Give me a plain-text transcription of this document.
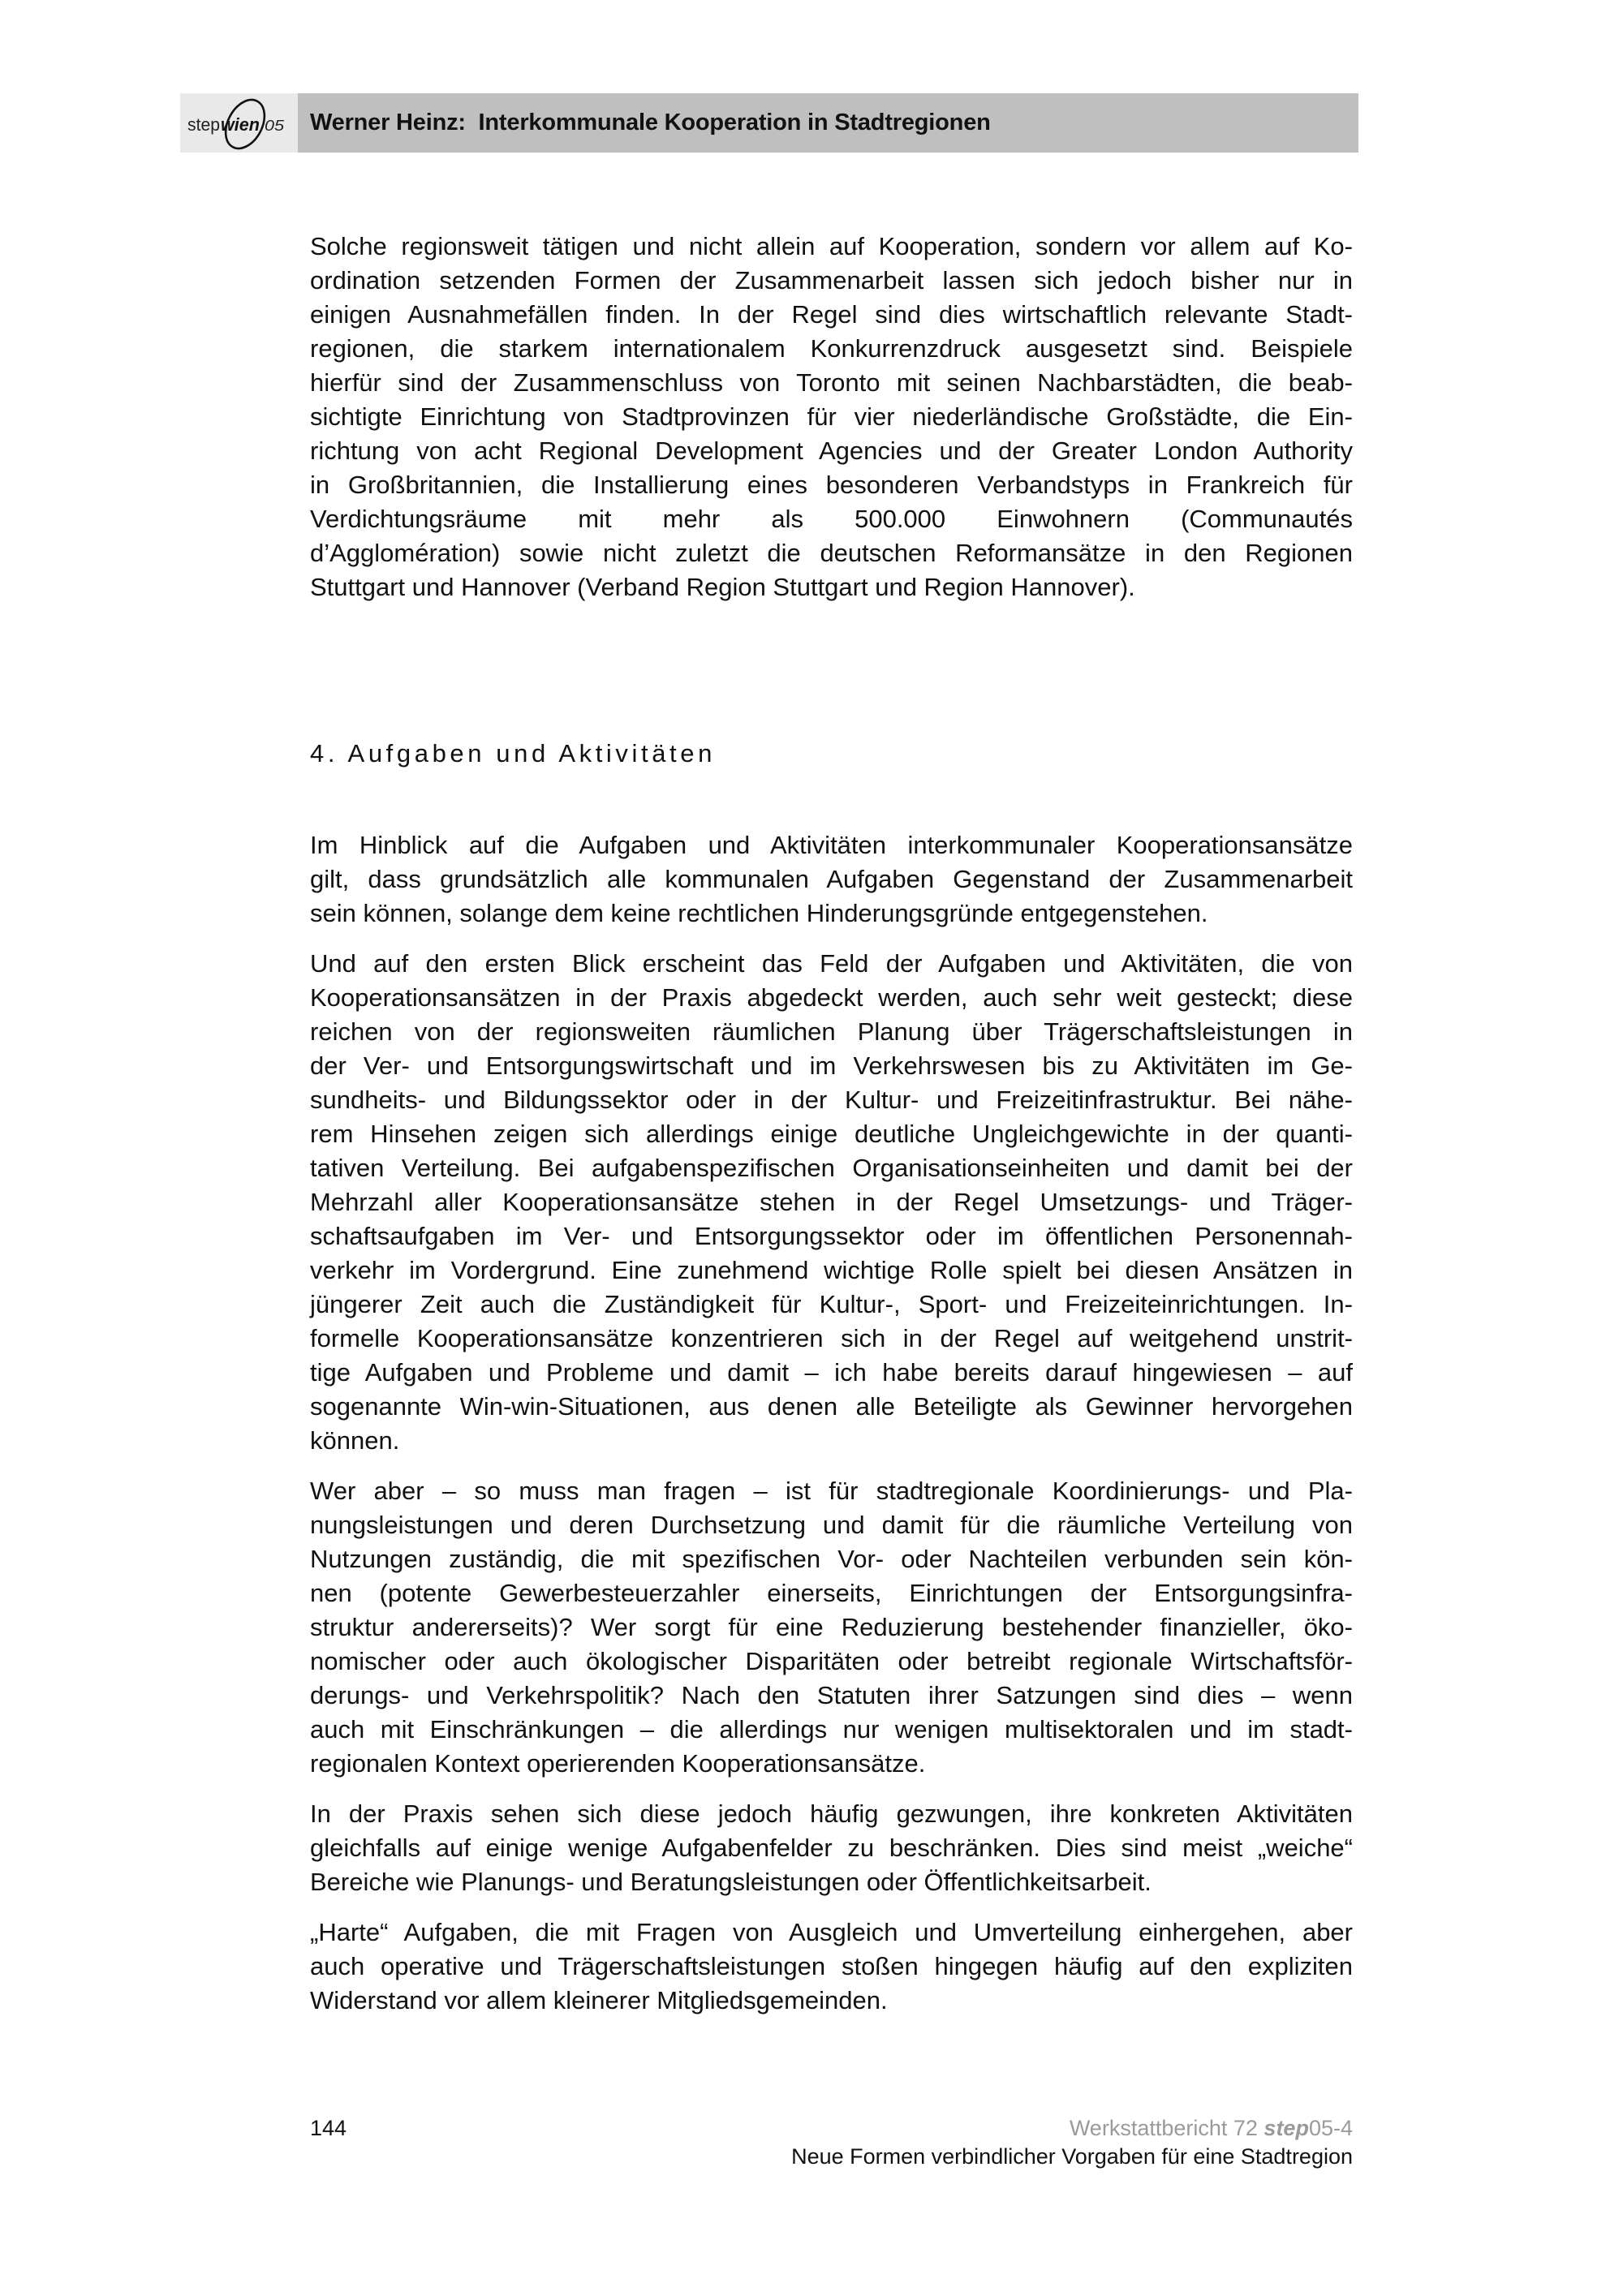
step wien .05 Werner Heinz:  Interkommunale Kooperation in Stadtregionen
Solche regionsweit tätigen und nicht allein auf Kooperation, sondern vor allem auf Ko-
ordination setzenden Formen der Zusammenarbeit lassen sich jedoch bisher nur in
einigen Ausnahmefällen finden. In der Regel sind dies wirtschaftlich relevante Stadt-
regionen, die starkem internationalem Konkurrenzdruck ausgesetzt sind. Beispiele
hierfür sind der Zusammenschluss von Toronto mit seinen Nachbarstädten, die beab-
sichtigte Einrichtung von Stadtprovinzen für vier niederländische Großstädte, die Ein-
richtung von acht Regional Development Agencies und der Greater London Authority
in Großbritannien, die Installierung eines besonderen Verbandstyps in Frankreich für
Verdichtungsräume mit mehr als 500.000 Einwohnern (Communautés
d’Agglomération) sowie nicht zuletzt die deutschen Reformansätze in den Regionen
Stuttgart und Hannover (Verband Region Stuttgart und Region Hannover).
4. Aufgaben und Aktivitäten
Im Hinblick auf die Aufgaben und Aktivitäten interkommunaler Kooperationsansätze
gilt, dass grundsätzlich alle kommunalen Aufgaben Gegenstand der Zusammenarbeit
sein können, solange dem keine rechtlichen Hinderungsgründe entgegenstehen.
Und auf den ersten Blick erscheint das Feld der Aufgaben und Aktivitäten, die von
Kooperationsansätzen in der Praxis abgedeckt werden, auch sehr weit gesteckt; diese
reichen von der regionsweiten räumlichen Planung über Trägerschaftsleistungen in
der Ver- und Entsorgungswirtschaft und im Verkehrswesen bis zu Aktivitäten im Ge-
sundheits- und Bildungssektor oder in der Kultur- und Freizeitinfrastruktur. Bei nähe-
rem Hinsehen zeigen sich allerdings einige deutliche Ungleichgewichte in der quanti-
tativen Verteilung. Bei aufgabenspezifischen Organisationseinheiten und damit bei der
Mehrzahl aller Kooperationsansätze stehen in der Regel Umsetzungs- und Träger-
schaftsaufgaben im Ver- und Entsorgungssektor oder im öffentlichen Personennah-
verkehr im Vordergrund. Eine zunehmend wichtige Rolle spielt bei diesen Ansätzen in
jüngerer Zeit auch die Zuständigkeit für Kultur-, Sport- und Freizeiteinrichtungen. In-
formelle Kooperationsansätze konzentrieren sich in der Regel auf weitgehend unstrit-
tige Aufgaben und Probleme und damit – ich habe bereits darauf hingewiesen – auf
sogenannte Win-win-Situationen, aus denen alle Beteiligte als Gewinner hervorgehen
können.
Wer aber – so muss man fragen – ist für stadtregionale Koordinierungs- und Pla-
nungsleistungen und deren Durchsetzung und damit für die räumliche Verteilung von
Nutzungen zuständig, die mit spezifischen Vor- oder Nachteilen verbunden sein kön-
nen (potente Gewerbesteuerzahler einerseits, Einrichtungen der Entsorgungsinfra-
struktur andererseits)? Wer sorgt für eine Reduzierung bestehender finanzieller, öko-
nomischer oder auch ökologischer Disparitäten oder betreibt regionale Wirtschaftsför-
derungs- und Verkehrspolitik? Nach den Statuten ihrer Satzungen sind dies – wenn
auch mit Einschränkungen – die allerdings nur wenigen multisektoralen und im stadt-
regionalen Kontext operierenden Kooperationsansätze.
In der Praxis sehen sich diese jedoch häufig gezwungen, ihre konkreten Aktivitäten
gleichfalls auf einige wenige Aufgabenfelder zu beschränken. Dies sind meist „weiche“
Bereiche wie Planungs- und Beratungsleistungen oder Öffentlichkeitsarbeit.
„Harte“ Aufgaben, die mit Fragen von Ausgleich und Umverteilung einhergehen, aber
auch operative und Trägerschaftsleistungen stoßen hingegen häufig auf den expliziten
Widerstand vor allem kleinerer Mitgliedsgemeinden.
144	Werkstattbericht 72 step05-4
Neue Formen verbindlicher Vorgaben für eine Stadtregion
